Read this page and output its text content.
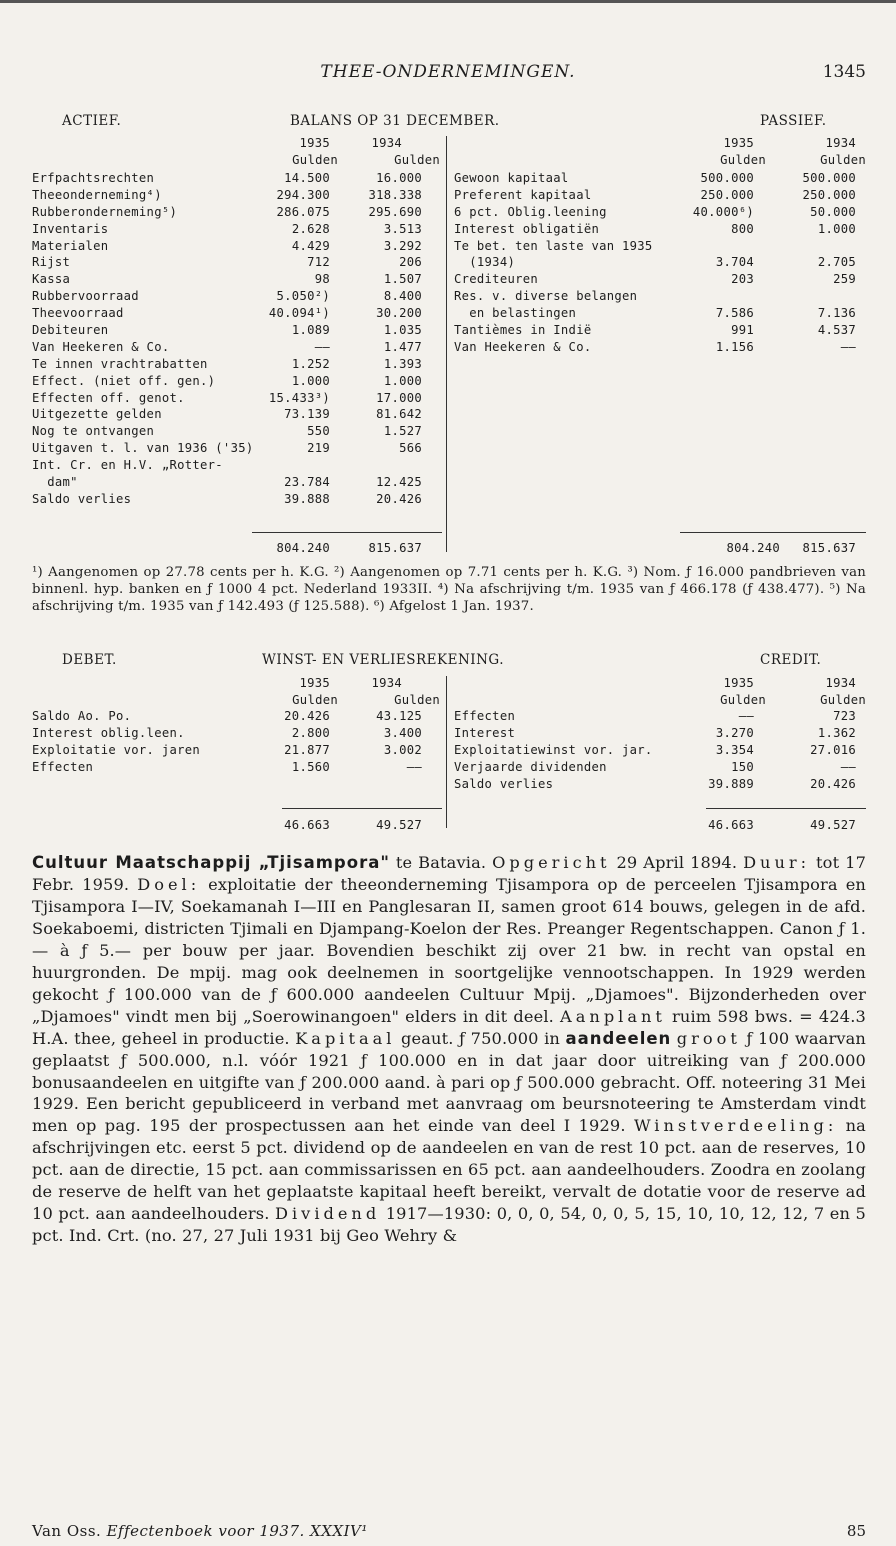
THEE-ONDERNEMINGEN.	1345
ACTIEF.	BALANS OP 31 DECEMBER.	PASSIEF.
1935	1934
Gulden	Gulden
1935	1934
Gulden	Gulden
Erfpachtsrechten	14.500	16.000
Theeonderneming⁴)	294.300	318.338
Rubberonderneming⁵)	286.075	295.690
Inventaris	2.628	3.513
Materialen	4.429	3.292
Rijst	712	206
Kassa	98	1.507
Rubbervoorraad	5.050²)	8.400
Theevoorraad	40.094¹)	30.200
Debiteuren	1.089	1.035
Van Heekeren & Co.	——	1.477
Te innen vrachtrabatten	1.252	1.393
Effect. (niet off. gen.)	1.000	1.000
Effecten off. genot.	15.433³)	17.000
Uitgezette gelden	73.139	81.642
Nog te ontvangen	550	1.527
Uitgaven t. l. van 1936 ('35)	219	566
Int. Cr. en H.V. „Rotter-
dam"	23.784	12.425
Saldo verlies	39.888	20.426
Gewoon kapitaal	500.000	500.000
Preferent kapitaal	250.000	250.000
6 pct. Oblig.leening	40.000⁶)	50.000
Interest obligatiën	800	1.000
Te bet. ten laste van 1935
(1934)	3.704	2.705
Crediteuren	203	259
Res. v. diverse belangen
en belastingen	7.586	7.136
Tantièmes in Indië	991	4.537
Van Heekeren & Co.	1.156	——
804.240	815.637	804.240 815.637

¹) Aangenomen op 27.78 cents per h. K.G. ²) Aangenomen op 7.71 cents per h. K.G. ³) Nom. ƒ 16.000 pandbrieven van binnenl. hyp. banken en ƒ 1000 4 pct. Nederland 1933II. ⁴) Na afschrijving t/m. 1935 van ƒ 466.178 (ƒ 438.477). ⁵) Na afschrijving t/m. 1935 van ƒ 142.493 (ƒ 125.588). ⁶) Afgelost 1 Jan. 1937.

DEBET.	WINST- EN VERLIESREKENING.	CREDIT.
1935	1934
Gulden	Gulden
1935	1934
Gulden	Gulden
Saldo Ao. Po.	20.426	43.125
Interest oblig.leen.	2.800	3.400
Exploitatie vor. jaren	21.877	3.002
Effecten	1.560	——
Effecten	——	723
Interest	3.270	1.362
Exploitatiewinst vor. jar.	3.354	27.016
Verjaarde dividenden	150	——
Saldo verlies	39.889	20.426
46.663	49.527	46.663	49.527

Cultuur Maatschappij „Tjisampora" te Batavia. Opgericht 29 April 1894. Duur: tot 17 Febr. 1959. Doel: exploitatie der theeonderneming Tjisampora op de perceelen Tjisampora en Tjisampora I—IV, Soekamanah I—III en Panglesaran II, samen groot 614 bouws, gelegen in de afd. Soekaboemi, districten Tjimali en Djampang-Koelon der Res. Preanger Regentschappen. Canon ƒ 1.— à ƒ 5.— per bouw per jaar. Bovendien beschikt zij over 21 bw. in recht van opstal en huurgronden. De mpij. mag ook deelnemen in soortgelijke vennootschappen. In 1929 werden gekocht ƒ 100.000 van de ƒ 600.000 aandeelen Cultuur Mpij. „Djamoes". Bijzonderheden over „Djamoes" vindt men bij „Soerowinangoen" elders in dit deel. Aanplant ruim 598 bws. = 424.3 H.A. thee, geheel in productie. Kapitaal geaut. ƒ 750.000 in aandeelen groot ƒ 100 waarvan geplaatst ƒ 500.000, n.l. vóór 1921 ƒ 100.000 en in dat jaar door uitreiking van ƒ 200.000 bonusaandeelen en uitgifte van ƒ 200.000 aand. à pari op ƒ 500.000 gebracht. Off. noteering 31 Mei 1929. Een bericht gepubliceerd in verband met aanvraag om beursnoteering te Amsterdam vindt men op pag. 195 der prospectussen aan het einde van deel I 1929. Winstverdeeling: na afschrijvingen etc. eerst 5 pct. dividend op de aandeelen en van de rest 10 pct. aan de reserves, 10 pct. aan de directie, 15 pct. aan commissarissen en 65 pct. aan aandeelhouders. Zoodra en zoolang de reserve de helft van het geplaatste kapitaal heeft bereikt, vervalt de dotatie voor de reserve ad 10 pct. aan aandeelhouders. Dividend 1917—1930: 0, 0, 0, 54, 0, 0, 5, 15, 10, 10, 12, 12, 7 en 5 pct. Ind. Crt. (no. 27, 27 Juli 1931 bij Geo Wehry &

Van Oss. Effectenboek voor 1937. XXXIV¹	85
